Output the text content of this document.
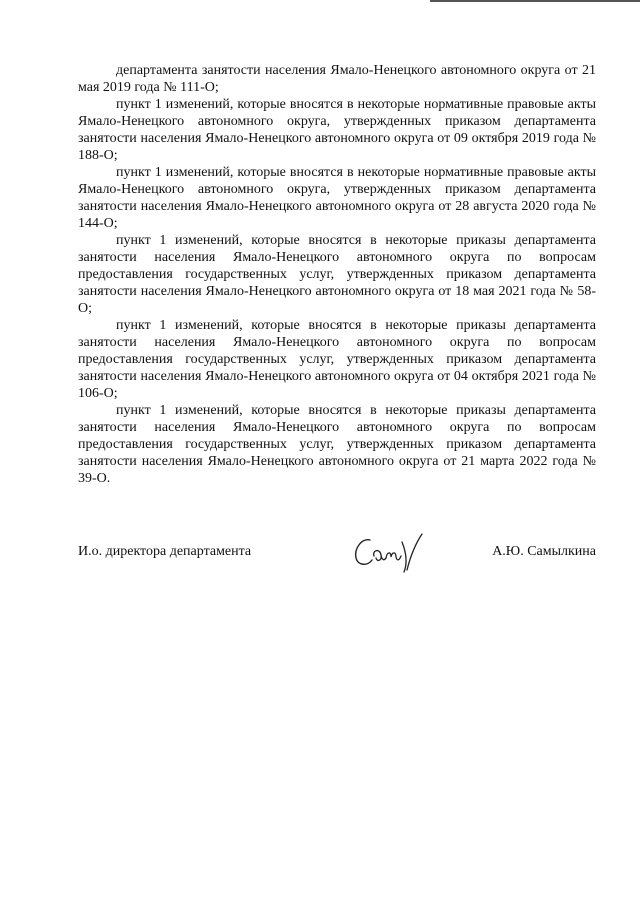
департамента занятости населения Ямало-Ненецкого автономного округа от 21 мая 2019 года № 111-О;

пункт 1 изменений, которые вносятся в некоторые нормативные правовые акты Ямало-Ненецкого автономного округа, утвержденных приказом департамента занятости населения Ямало-Ненецкого автономного округа от 09 октября 2019 года № 188-О;

пункт 1 изменений, которые вносятся в некоторые нормативные правовые акты Ямало-Ненецкого автономного округа, утвержденных приказом департамента занятости населения Ямало-Ненецкого автономного округа от 28 августа 2020 года № 144-О;

пункт 1 изменений, которые вносятся в некоторые приказы департамента занятости населения Ямало-Ненецкого автономного округа по вопросам предоставления государственных услуг, утвержденных приказом департамента занятости населения Ямало-Ненецкого автономного округа от 18 мая 2021 года № 58-О;

пункт 1 изменений, которые вносятся в некоторые приказы департамента занятости населения Ямало-Ненецкого автономного округа по вопросам предоставления государственных услуг, утвержденных приказом департамента занятости населения Ямало-Ненецкого автономного округа от 04 октября 2021 года № 106-О;

пункт 1 изменений, которые вносятся в некоторые приказы департамента занятости населения Ямало-Ненецкого автономного округа по вопросам предоставления государственных услуг, утвержденных приказом департамента занятости населения Ямало-Ненецкого автономного округа от 21 марта 2022 года № 39-О.

И.о. директора департамента	А.Ю. Самылкина
